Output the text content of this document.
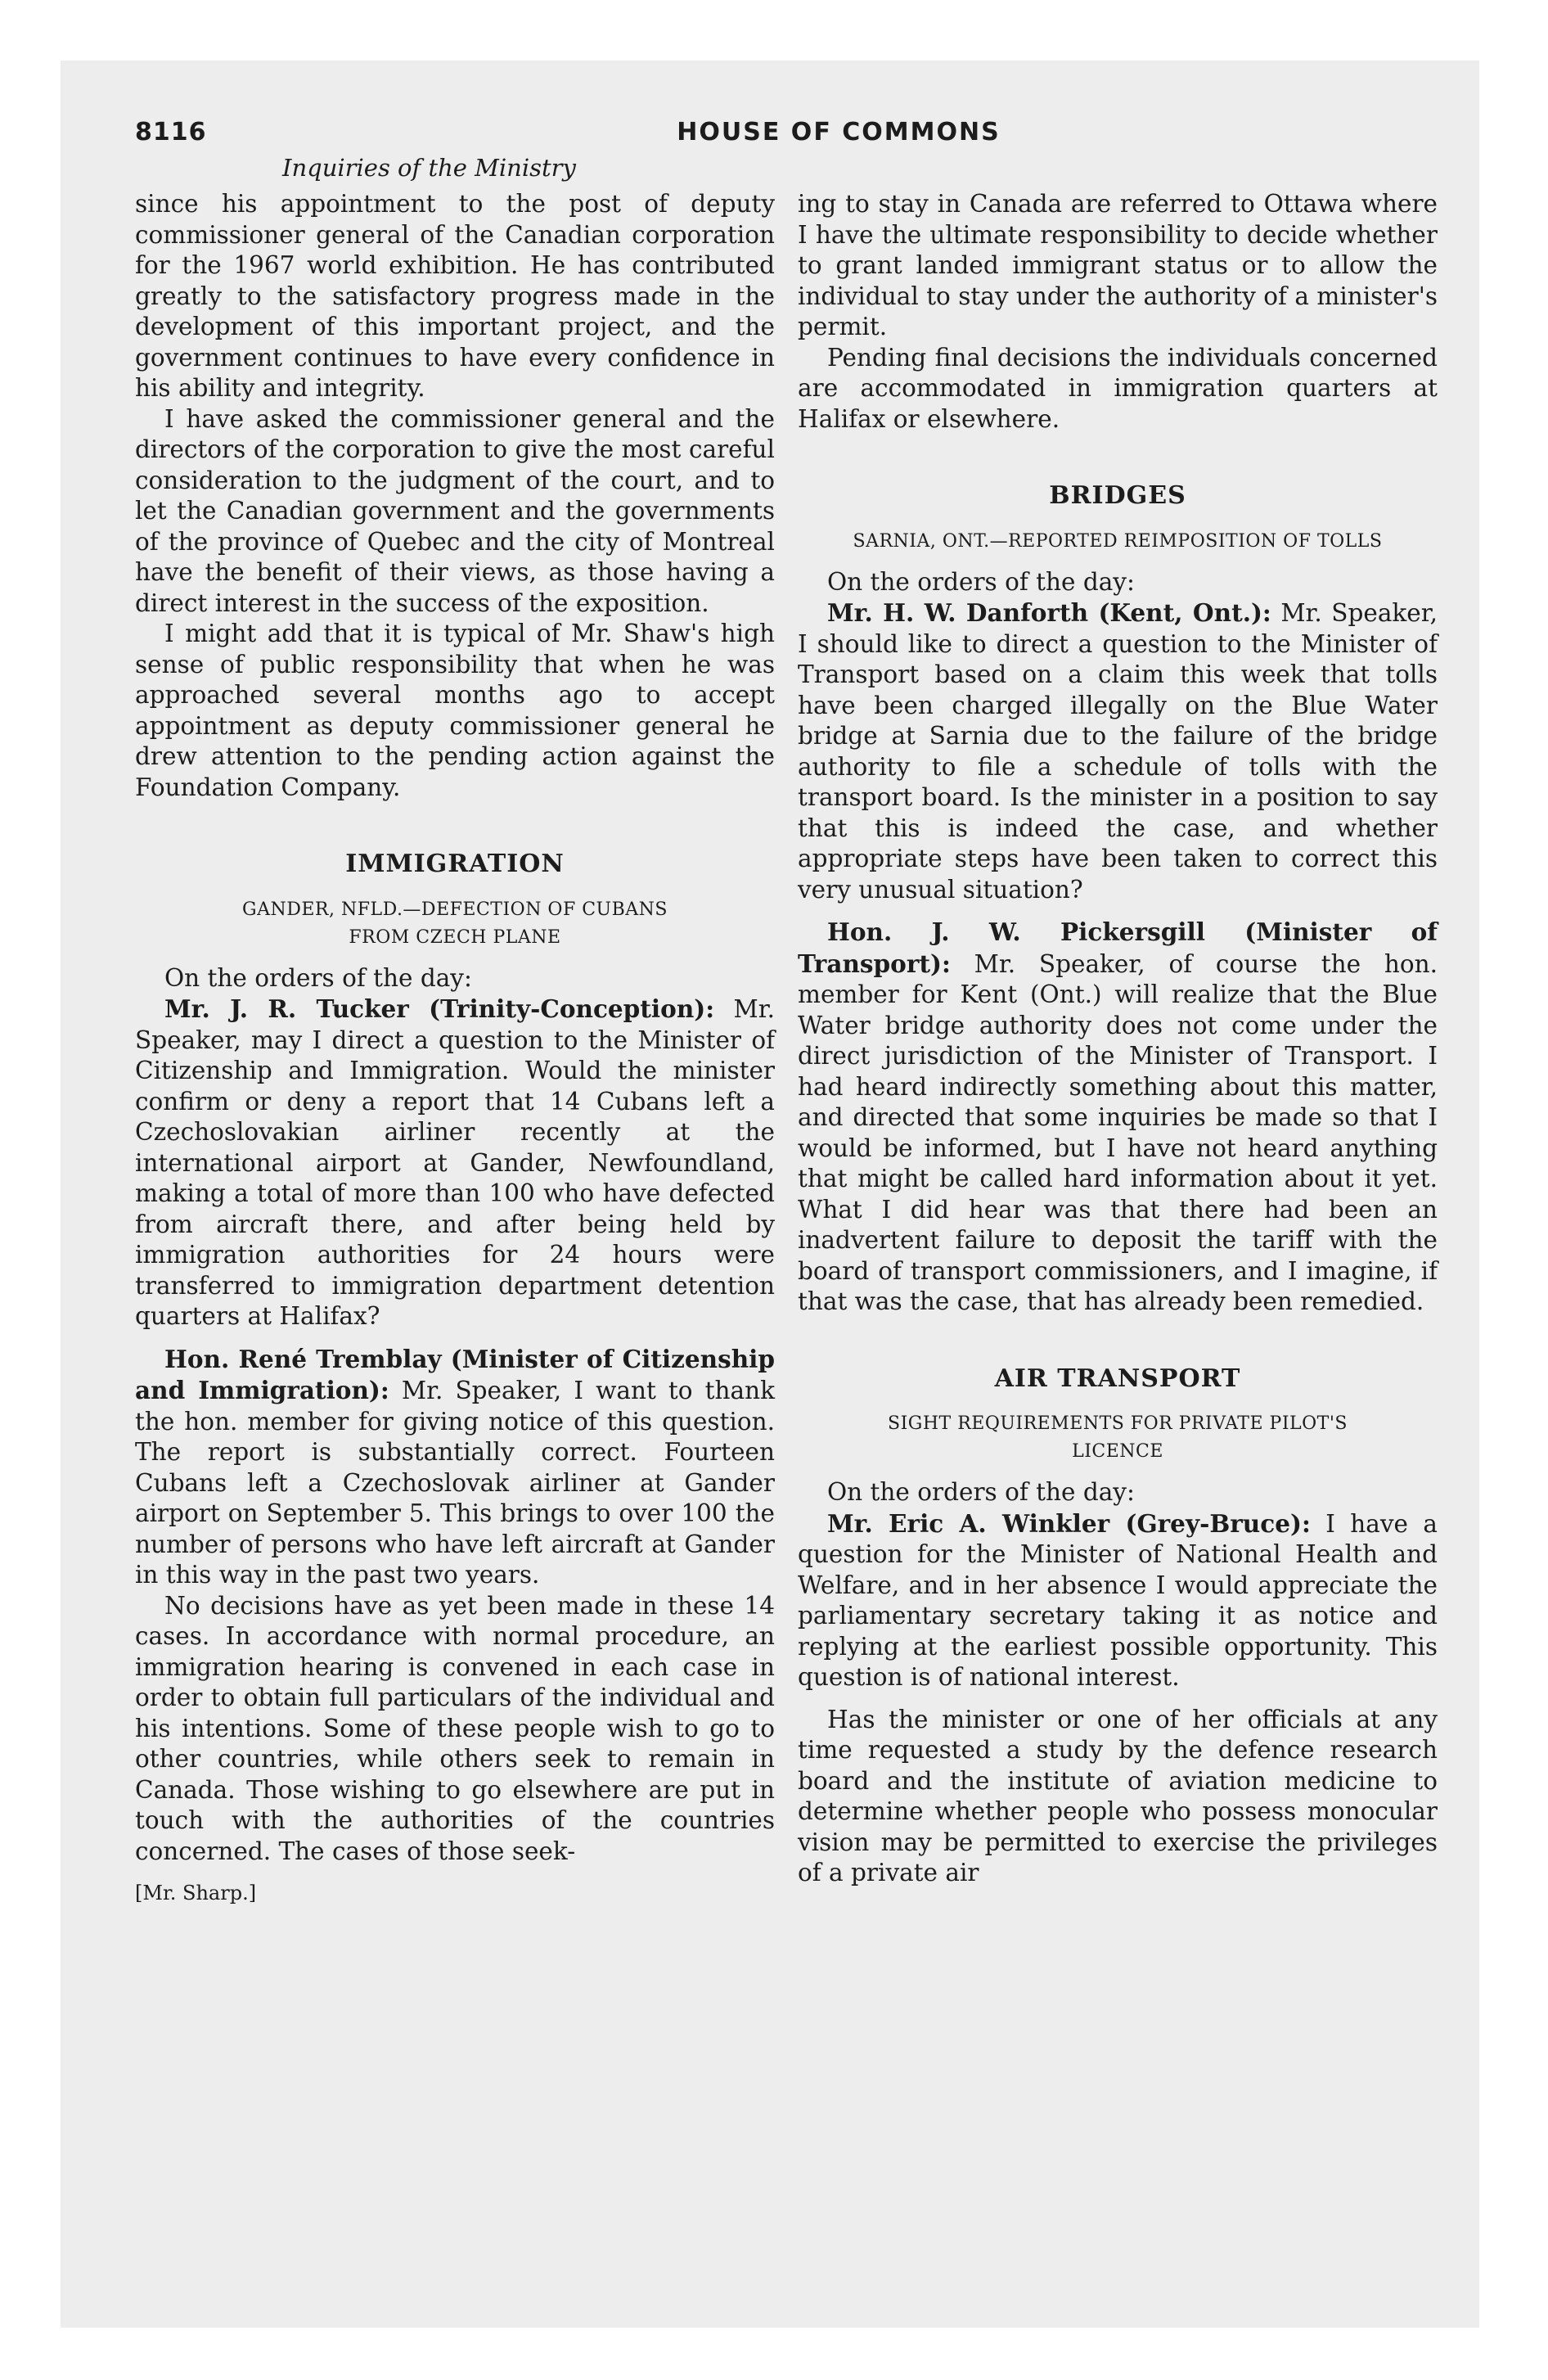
8116	HOUSE OF COMMONS
Inquiries of the Ministry

since his appointment to the post of deputy commissioner general of the Canadian corporation for the 1967 world exhibition. He has contributed greatly to the satisfactory progress made in the development of this important project, and the government continues to have every confidence in his ability and integrity.

I have asked the commissioner general and the directors of the corporation to give the most careful consideration to the judgment of the court, and to let the Canadian government and the governments of the province of Quebec and the city of Montreal have the benefit of their views, as those having a direct interest in the success of the exposition.

I might add that it is typical of Mr. Shaw's high sense of public responsibility that when he was approached several months ago to accept appointment as deputy commissioner general he drew attention to the pending action against the Foundation Company.

IMMIGRATION
GANDER, NFLD.—DEFECTION OF CUBANS
FROM CZECH PLANE

On the orders of the day:

Mr. J. R. Tucker (Trinity-Conception): Mr. Speaker, may I direct a question to the Minister of Citizenship and Immigration. Would the minister confirm or deny a report that 14 Cubans left a Czechoslovakian airliner recently at the international airport at Gander, Newfoundland, making a total of more than 100 who have defected from aircraft there, and after being held by immigration authorities for 24 hours were transferred to immigration department detention quarters at Halifax?

Hon. René Tremblay (Minister of Citizenship and Immigration): Mr. Speaker, I want to thank the hon. member for giving notice of this question. The report is substantially correct. Fourteen Cubans left a Czechoslovak airliner at Gander airport on September 5. This brings to over 100 the number of persons who have left aircraft at Gander in this way in the past two years.

No decisions have as yet been made in these 14 cases. In accordance with normal procedure, an immigration hearing is convened in each case in order to obtain full particulars of the individual and his intentions. Some of these people wish to go to other countries, while others seek to remain in Canada. Those wishing to go elsewhere are put in touch with the authorities of the countries concerned. The cases of those seek-

[Mr. Sharp.]

ing to stay in Canada are referred to Ottawa where I have the ultimate responsibility to decide whether to grant landed immigrant status or to allow the individual to stay under the authority of a minister's permit.

Pending final decisions the individuals concerned are accommodated in immigration quarters at Halifax or elsewhere.

BRIDGES
SARNIA, ONT.—REPORTED REIMPOSITION OF TOLLS

On the orders of the day:

Mr. H. W. Danforth (Kent, Ont.): Mr. Speaker, I should like to direct a question to the Minister of Transport based on a claim this week that tolls have been charged illegally on the Blue Water bridge at Sarnia due to the failure of the bridge authority to file a schedule of tolls with the transport board. Is the minister in a position to say that this is indeed the case, and whether appropriate steps have been taken to correct this very unusual situation?

Hon. J. W. Pickersgill (Minister of Transport): Mr. Speaker, of course the hon. member for Kent (Ont.) will realize that the Blue Water bridge authority does not come under the direct jurisdiction of the Minister of Transport. I had heard indirectly something about this matter, and directed that some inquiries be made so that I would be informed, but I have not heard anything that might be called hard information about it yet. What I did hear was that there had been an inadvertent failure to deposit the tariff with the board of transport commissioners, and I imagine, if that was the case, that has already been remedied.

AIR TRANSPORT
SIGHT REQUIREMENTS FOR PRIVATE PILOT'S
LICENCE

On the orders of the day:

Mr. Eric A. Winkler (Grey-Bruce): I have a question for the Minister of National Health and Welfare, and in her absence I would appreciate the parliamentary secretary taking it as notice and replying at the earliest possible opportunity. This question is of national interest.

Has the minister or one of her officials at any time requested a study by the defence research board and the institute of aviation medicine to determine whether people who possess monocular vision may be permitted to exercise the privileges of a private air
